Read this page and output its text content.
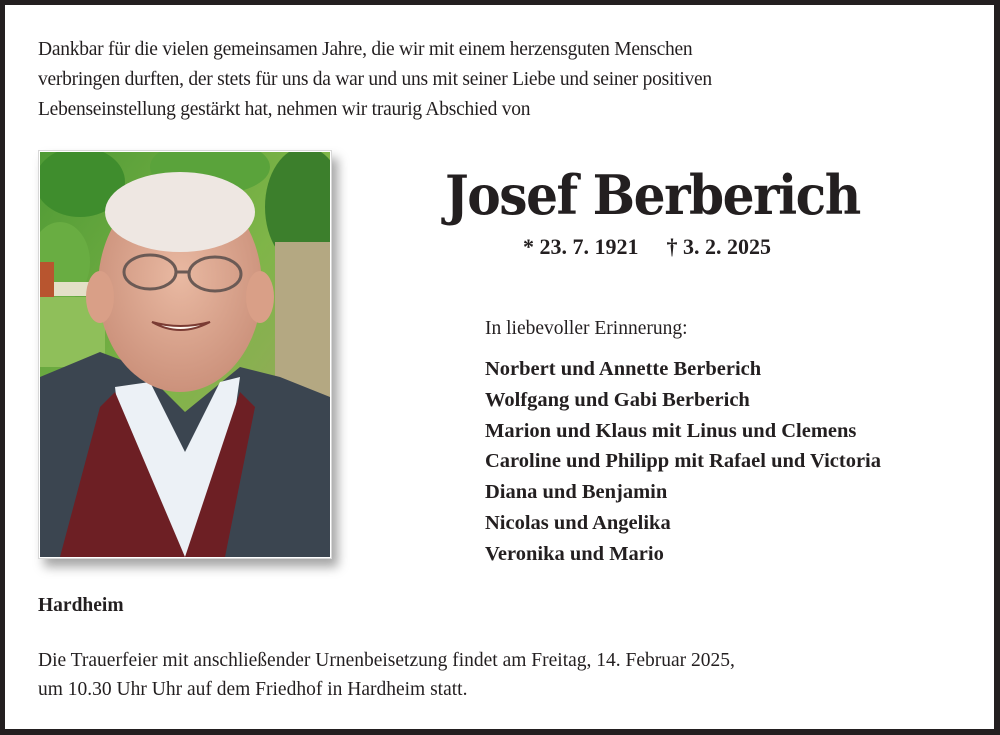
Dankbar für die vielen gemeinsamen Jahre, die wir mit einem herzensguten Menschen
verbringen durften, der stets für uns da war und uns mit seiner Liebe und seiner positiven
Lebenseinstellung gestärkt hat, nehmen wir traurig Abschied von
Josef Berberich
* 23. 7. 1921 † 3. 2. 2025
In liebevoller Erinnerung:
Norbert und Annette Berberich
Wolfgang und Gabi Berberich
Marion und Klaus mit Linus und Clemens
Caroline und Philipp mit Rafael und Victoria
Diana und Benjamin
Nicolas und Angelika
Veronika und Mario
Hardheim
Die Trauerfeier mit anschließender Urnenbeisetzung findet am Freitag, 14. Februar 2025,
um 10.30 Uhr Uhr auf dem Friedhof in Hardheim statt.
